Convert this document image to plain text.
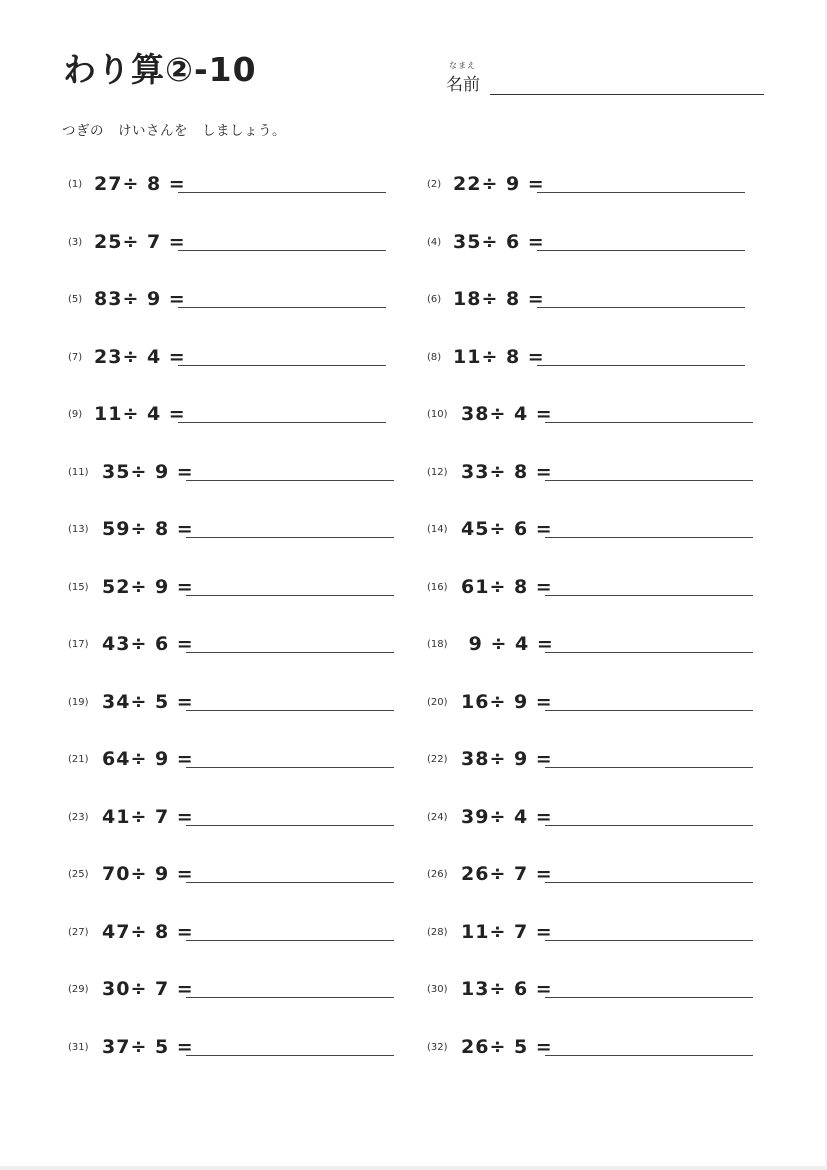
わり算②-10	なまえ
名前
つぎの　けいさんを　しましょう。
(1) 27÷ 8 =	(2) 22÷ 9 =
(3) 25÷ 7 =	(4) 35÷ 6 =
(5) 83÷ 9 =	(6) 18÷ 8 =
(7) 23÷ 4 =	(8) 11÷ 8 =
(9) 11÷ 4 =	(10) 38÷ 4 =
(11) 35÷ 9 =	(12) 33÷ 8 =
(13) 59÷ 8 =	(14) 45÷ 6 =
(15) 52÷ 9 =	(16) 61÷ 8 =
(17) 43÷ 6 =	(18) 9 ÷ 4 =
(19) 34÷ 5 =	(20) 16÷ 9 =
(21) 64÷ 9 =	(22) 38÷ 9 =
(23) 41÷ 7 =	(24) 39÷ 4 =
(25) 70÷ 9 =	(26) 26÷ 7 =
(27) 47÷ 8 =	(28) 11÷ 7 =
(29) 30÷ 7 =	(30) 13÷ 6 =
(31) 37÷ 5 =	(32) 26÷ 5 =
